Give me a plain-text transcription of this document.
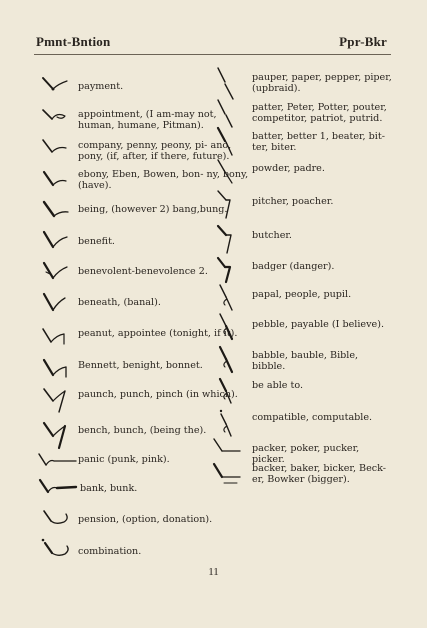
Pmnt-Bntion	Ppr-Bkr
payment.
appointment, (I am-may not, human, humane, Pitman).
company, penny, peony, pi- ano, pony, (if, after, if there, future).
ebony, Eben, Bowen, bon- ny, bony, (have).
being, (however 2) bang,bung.
benefit.
benevolent-benevolence 2.
beneath, (banal).
peanut, appointee (tonight, if it).
Bennett, benight, bonnet.
paunch, punch, pinch (in which).
bench, bunch, (being the).
panic (punk, pink).
bank, bunk.
pension, (option, donation).
combination.
pauper, paper, pepper, piper, (upbraid).
patter, Peter, Potter, pouter, competitor, patriot, putrid.
batter, better 1, beater, bit- ter, biter.
powder, padre.
pitcher, poacher.
butcher.
badger (danger).
papal, people, pupil.
pebble, payable (I believe).
babble, bauble, Bible, bibble.
be able to.
compatible, computable.
packer, poker, pucker, picker.
backer, baker, bicker, Beck- er, Bowker (bigger).
11
